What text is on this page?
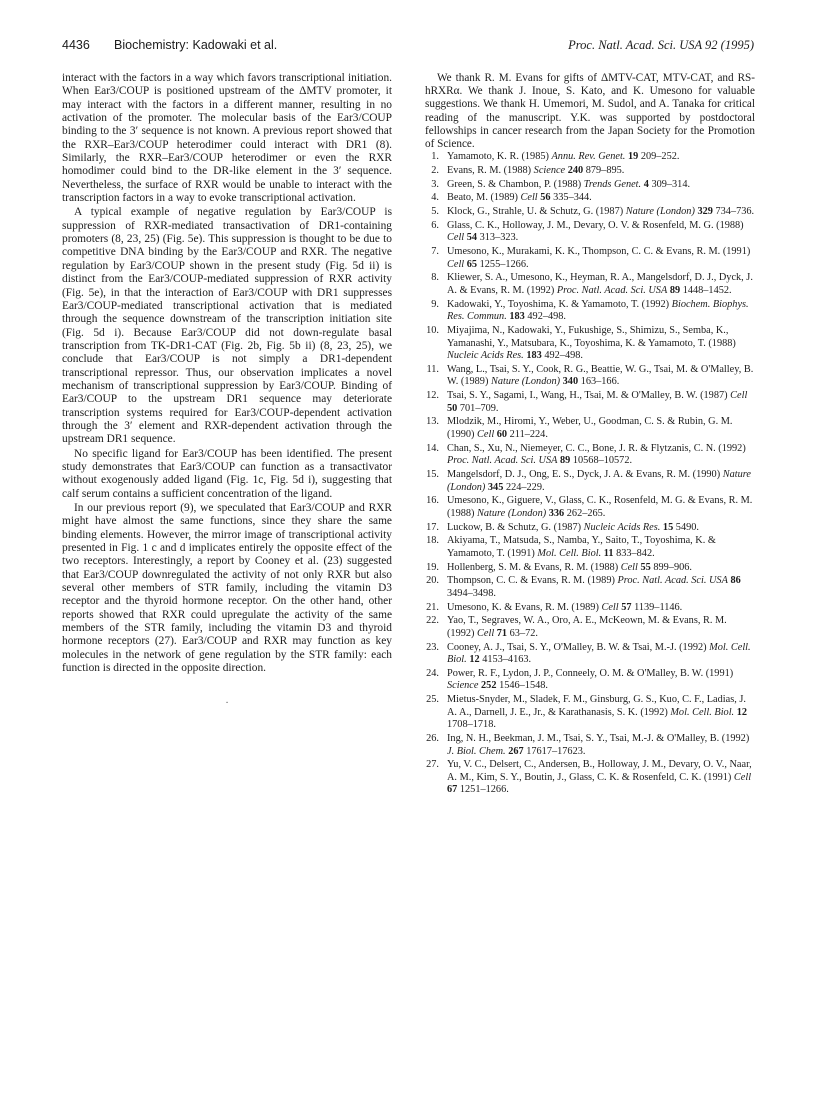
4436 Biochemistry: Kadowaki et al.	Proc. Natl. Acad. Sci. USA 92 (1995)

interact with the factors in a way which favors transcriptional initiation. When Ear3/COUP is positioned upstream of the ΔMTV promoter, it may interact with the factors in a different manner, resulting in no activation of the promoter. The molecular basis of the Ear3/COUP binding to the 3′ sequence is not known. A previous report showed that the RXR–Ear3/COUP heterodimer could interact with DR1 (8). Similarly, the RXR–Ear3/COUP heterodimer or even the RXR homodimer could bind to the DR-like element in the 3′ sequence. Nevertheless, the surface of RXR would be unable to interact with the transcription factors in a way to evoke transcriptional activation.

A typical example of negative regulation by Ear3/COUP is suppression of RXR-mediated transactivation of DR1-containing promoters (8, 23, 25) (Fig. 5e). This suppression is thought to be due to competitive DNA binding by the Ear3/COUP and RXR. The negative regulation by Ear3/COUP shown in the present study (Fig. 5d ii) is distinct from the Ear3/COUP-mediated suppression of RXR activity (Fig. 5e), in that the interaction of Ear3/COUP with DR1 suppresses Ear3/COUP-mediated transcriptional activation that is mediated through the sequence downstream of the transcription initiation site (Fig. 5d i). Because Ear3/COUP did not down-regulate basal transcription from TK-DR1-CAT (Fig. 2b, Fig. 5b ii) (8, 23, 25), we conclude that Ear3/COUP is not simply a DR1-dependent transcriptional repressor. Thus, our observation implicates a novel mechanism of transcriptional suppression by Ear3/COUP. Binding of Ear3/COUP to the upstream DR1 sequence may deteriorate transcription systems required for Ear3/COUP-dependent activation through the 3′ element and RXR-dependent activation through the upstream DR1 sequence.

No specific ligand for Ear3/COUP has been identified. The present study demonstrates that Ear3/COUP can function as a transactivator without exogenously added ligand (Fig. 1c, Fig. 5d i), suggesting that calf serum contains a sufficient concentration of the ligand.

In our previous report (9), we speculated that Ear3/COUP and RXR might have almost the same functions, since they share the same binding elements. However, the mirror image of transcriptional activity presented in Fig. 1 c and d implicates entirely the opposite effect of the two receptors. Interestingly, a report by Cooney et al. (23) suggested that Ear3/COUP downregulated the activity of not only RXR but also several other members of STR family, including the vitamin D3 receptor and the thyroid hormone receptor. On the other hand, other reports showed that RXR could upregulate the activity of the same members of the STR family, including the vitamin D3 and thyroid hormone receptors (27). Ear3/COUP and RXR may function as key molecules in the network of gene regulation by the STR family: each function is directed in the opposite direction.

·

We thank R. M. Evans for gifts of ΔMTV-CAT, MTV-CAT, and RS-hRXRα. We thank J. Inoue, S. Kato, and K. Umesono for valuable suggestions. We thank H. Umemori, M. Sudol, and A. Tanaka for critical reading of the manuscript. Y.K. was supported by postdoctoral fellowships in cancer research from the Japan Society for the Promotion of Science.

1. Yamamoto, K. R. (1985) Annu. Rev. Genet. 19 209–252.
2. Evans, R. M. (1988) Science 240 879–895.
3. Green, S. & Chambon, P. (1988) Trends Genet. 4 309–314.
4. Beato, M. (1989) Cell 56 335–344.
5. Klock, G., Strahle, U. & Schutz, G. (1987) Nature (London) 329 734–736.
6. Glass, C. K., Holloway, J. M., Devary, O. V. & Rosenfeld, M. G. (1988) Cell 54 313–323.
7. Umesono, K., Murakami, K. K., Thompson, C. C. & Evans, R. M. (1991) Cell 65 1255–1266.
8. Kliewer, S. A., Umesono, K., Heyman, R. A., Mangelsdorf, D. J., Dyck, J. A. & Evans, R. M. (1992) Proc. Natl. Acad. Sci. USA 89 1448–1452.
9. Kadowaki, Y., Toyoshima, K. & Yamamoto, T. (1992) Biochem. Biophys. Res. Commun. 183 492–498.
10. Miyajima, N., Kadowaki, Y., Fukushige, S., Shimizu, S., Semba, K., Yamanashi, Y., Matsubara, K., Toyoshima, K. & Yamamoto, T. (1988) Nucleic Acids Res. 183 492–498.
11. Wang, L., Tsai, S. Y., Cook, R. G., Beattie, W. G., Tsai, M. & O'Malley, B. W. (1989) Nature (London) 340 163–166.
12. Tsai, S. Y., Sagami, I., Wang, H., Tsai, M. & O'Malley, B. W. (1987) Cell 50 701–709.
13. Mlodzik, M., Hiromi, Y., Weber, U., Goodman, C. S. & Rubin, G. M. (1990) Cell 60 211–224.
14. Chan, S., Xu, N., Niemeyer, C. C., Bone, J. R. & Flytzanis, C. N. (1992) Proc. Natl. Acad. Sci. USA 89 10568–10572.
15. Mangelsdorf, D. J., Ong, E. S., Dyck, J. A. & Evans, R. M. (1990) Nature (London) 345 224–229.
16. Umesono, K., Giguere, V., Glass, C. K., Rosenfeld, M. G. & Evans, R. M. (1988) Nature (London) 336 262–265.
17. Luckow, B. & Schutz, G. (1987) Nucleic Acids Res. 15 5490.
18. Akiyama, T., Matsuda, S., Namba, Y., Saito, T., Toyoshima, K. & Yamamoto, T. (1991) Mol. Cell. Biol. 11 833–842.
19. Hollenberg, S. M. & Evans, R. M. (1988) Cell 55 899–906.
20. Thompson, C. C. & Evans, R. M. (1989) Proc. Natl. Acad. Sci. USA 86 3494–3498.
21. Umesono, K. & Evans, R. M. (1989) Cell 57 1139–1146.
22. Yao, T., Segraves, W. A., Oro, A. E., McKeown, M. & Evans, R. M. (1992) Cell 71 63–72.
23. Cooney, A. J., Tsai, S. Y., O'Malley, B. W. & Tsai, M.-J. (1992) Mol. Cell. Biol. 12 4153–4163.
24. Power, R. F., Lydon, J. P., Conneely, O. M. & O'Malley, B. W. (1991) Science 252 1546–1548.
25. Mietus-Snyder, M., Sladek, F. M., Ginsburg, G. S., Kuo, C. F., Ladias, J. A. A., Darnell, J. E., Jr., & Karathanasis, S. K. (1992) Mol. Cell. Biol. 12 1708–1718.
26. Ing, N. H., Beekman, J. M., Tsai, S. Y., Tsai, M.-J. & O'Malley, B. (1992) J. Biol. Chem. 267 17617–17623.
27. Yu, V. C., Delsert, C., Andersen, B., Holloway, J. M., Devary, O. V., Naar, A. M., Kim, S. Y., Boutin, J., Glass, C. K. & Rosenfeld, C. K. (1991) Cell 67 1251–1266.
